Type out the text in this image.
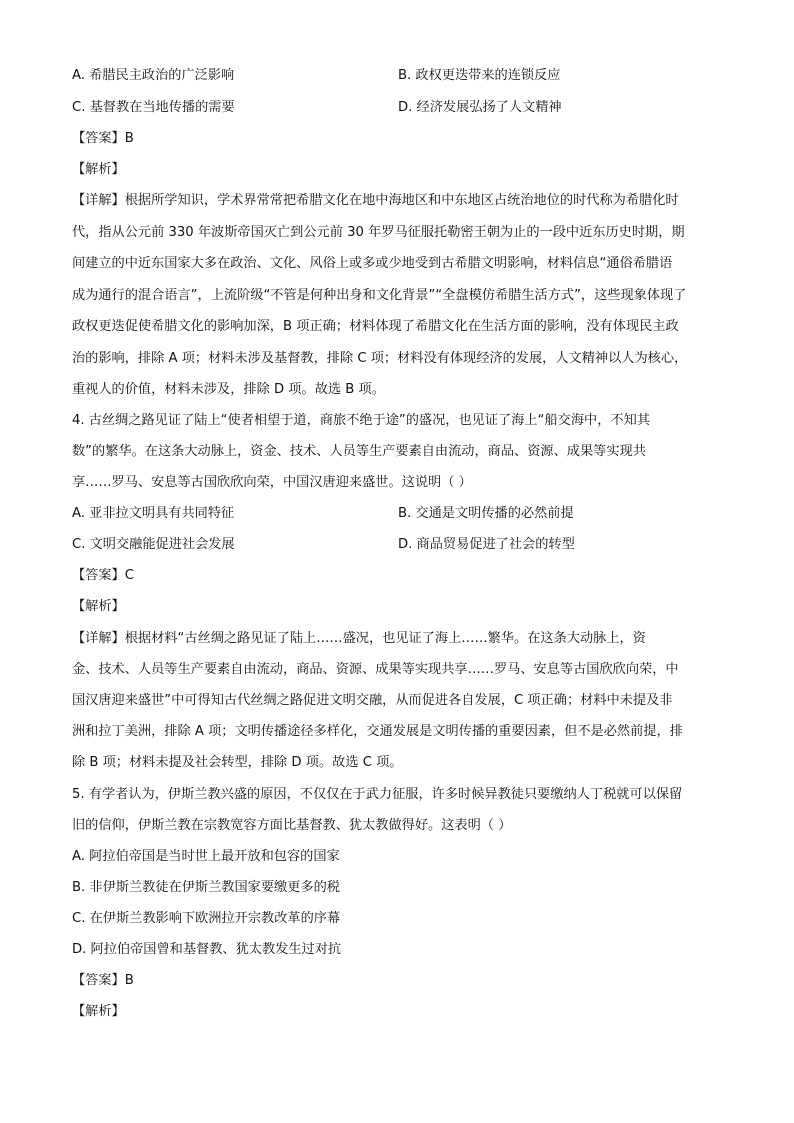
A. 希腊民主政治的广泛影响	B. 政权更迭带来的连锁反应
C. 基督教在当地传播的需要	D. 经济发展弘扬了人文精神
【答案】B
【解析】
【详解】根据所学知识，学术界常常把希腊文化在地中海地区和中东地区占统治地位的时代称为希腊化时
代，指从公元前 330 年波斯帝国灭亡到公元前 30 年罗马征服托勒密王朝为止的一段中近东历史时期，期
间建立的中近东国家大多在政治、文化、风俗上或多或少地受到古希腊文明影响，材料信息“通俗希腊语
成为通行的混合语言”，上流阶级“不管是何种出身和文化背景”“全盘模仿希腊生活方式”，这些现象体现了
政权更迭促使希腊文化的影响加深，B 项正确；材料体现了希腊文化在生活方面的影响，没有体现民主政
治的影响，排除 A 项；材料未涉及基督教，排除 C 项；材料没有体现经济的发展，人文精神以人为核心，
重视人的价值，材料未涉及，排除 D 项。故选 B 项。
4. 古丝绸之路见证了陆上“使者相望于道，商旅不绝于途”的盛况，也见证了海上“船交海中，不知其
数”的繁华。在这条大动脉上，资金、技术、人员等生产要素自由流动，商品、资源、成果等实现共
享……罗马、安息等古国欣欣向荣，中国汉唐迎来盛世。这说明（ ）
A. 亚非拉文明具有共同特征	B. 交通是文明传播的必然前提
C. 文明交融能促进社会发展	D. 商品贸易促进了社会的转型
【答案】C
【解析】
【详解】根据材料“古丝绸之路见证了陆上……盛况，也见证了海上……繁华。在这条大动脉上，资
金、技术、人员等生产要素自由流动，商品、资源、成果等实现共享……罗马、安息等古国欣欣向荣，中
国汉唐迎来盛世”中可得知古代丝绸之路促进文明交融，从而促进各自发展，C 项正确；材料中未提及非
洲和拉丁美洲，排除 A 项；文明传播途径多样化，交通发展是文明传播的重要因素，但不是必然前提，排
除 B 项；材料未提及社会转型，排除 D 项。故选 C 项。
5. 有学者认为，伊斯兰教兴盛的原因，不仅仅在于武力征服，许多时候异教徒只要缴纳人丁税就可以保留
旧的信仰，伊斯兰教在宗教宽容方面比基督教、犹太教做得好。这表明（ ）
A. 阿拉伯帝国是当时世上最开放和包容的国家
B. 非伊斯兰教徒在伊斯兰教国家要缴更多的税
C. 在伊斯兰教影响下欧洲拉开宗教改革的序幕
D. 阿拉伯帝国曾和基督教、犹太教发生过对抗
【答案】B
【解析】
